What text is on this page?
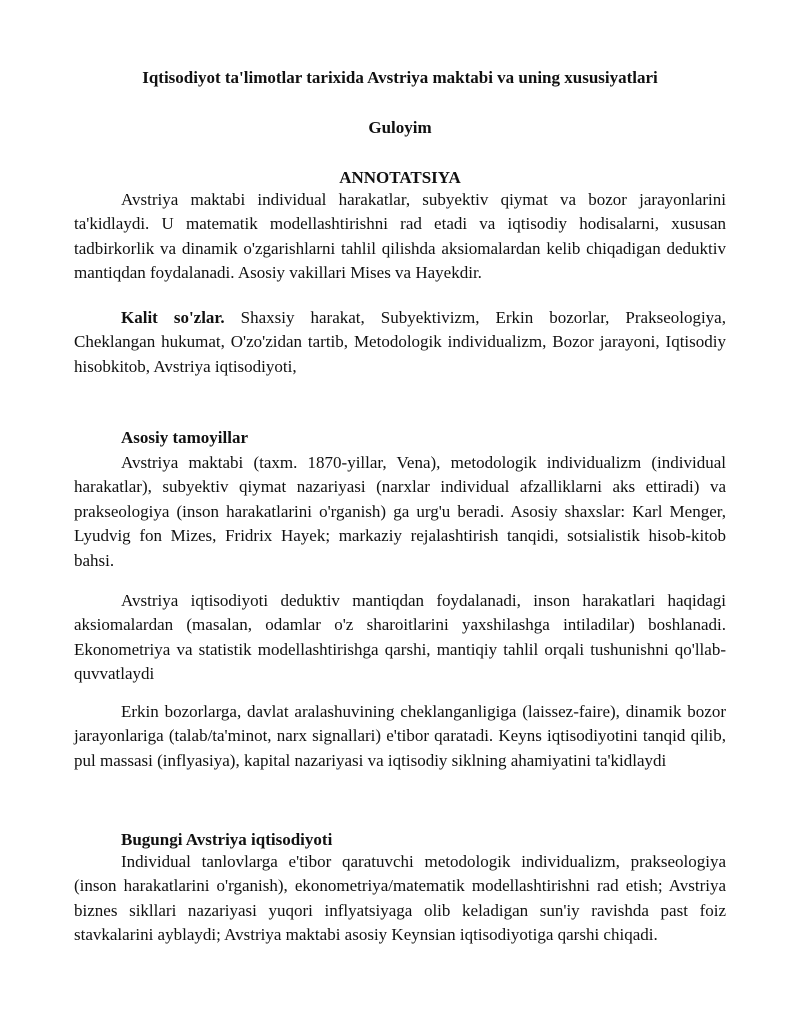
Iqtisodiyot ta'limotlar tarixida Avstriya maktabi va uning xususiyatlari
Guloyim
ANNOTATSIYA

Avstriya maktabi individual harakatlar, subyektiv qiymat va bozor jarayonlarini ta'kidlaydi. U matematik modellashtirishni rad etadi va iqtisodiy hodisalarni, xususan tadbirkorlik va dinamik o'zgarishlarni tahlil qilishda aksiomalardan kelib chiqadigan deduktiv mantiqdan foydalanadi. Asosiy vakillari Mises va Hayekdir.

Kalit so'zlar. Shaxsiy harakat, Subyektivizm, Erkin bozorlar, Prakseologiya, Cheklangan hukumat, O'zo'zidan tartib, Metodologik individualizm, Bozor jarayoni, Iqtisodiy hisobkitob, Avstriya iqtisodiyoti,

Asosiy tamoyillar

Avstriya maktabi (taxm. 1870-yillar, Vena), metodologik individualizm (individual harakatlar), subyektiv qiymat nazariyasi (narxlar individual afzalliklarni aks ettiradi) va prakseologiya (inson harakatlarini o'rganish) ga urg'u beradi. Asosiy shaxslar: Karl Menger, Lyudvig fon Mizes, Fridrix Hayek; markaziy rejalashtirish tanqidi, sotsialistik hisob-kitob bahsi.

Avstriya iqtisodiyoti deduktiv mantiqdan foydalanadi, inson harakatlari haqidagi aksiomalardan (masalan, odamlar o'z sharoitlarini yaxshilashga intiladilar) boshlanadi. Ekonometriya va statistik modellashtirishga qarshi, mantiqiy tahlil orqali tushunishni qo'llab-quvvatlaydi

Erkin bozorlarga, davlat aralashuvining cheklanganligiga (laissez-faire), dinamik bozor jarayonlariga (talab/ta'minot, narx signallari) e'tibor qaratadi. Keyns iqtisodiyotini tanqid qilib, pul massasi (inflyasiya), kapital nazariyasi va iqtisodiy siklning ahamiyatini ta'kidlaydi

Bugungi Avstriya iqtisodiyoti

Individual tanlovlarga e'tibor qaratuvchi metodologik individualizm, prakseologiya (inson harakatlarini o'rganish), ekonometriya/matematik modellashtirishni rad etish; Avstriya biznes sikllari nazariyasi yuqori inflyatsiyaga olib keladigan sun'iy ravishda past foiz stavkalarini ayblaydi; Avstriya maktabi asosiy Keynsian iqtisodiyotiga qarshi chiqadi.
